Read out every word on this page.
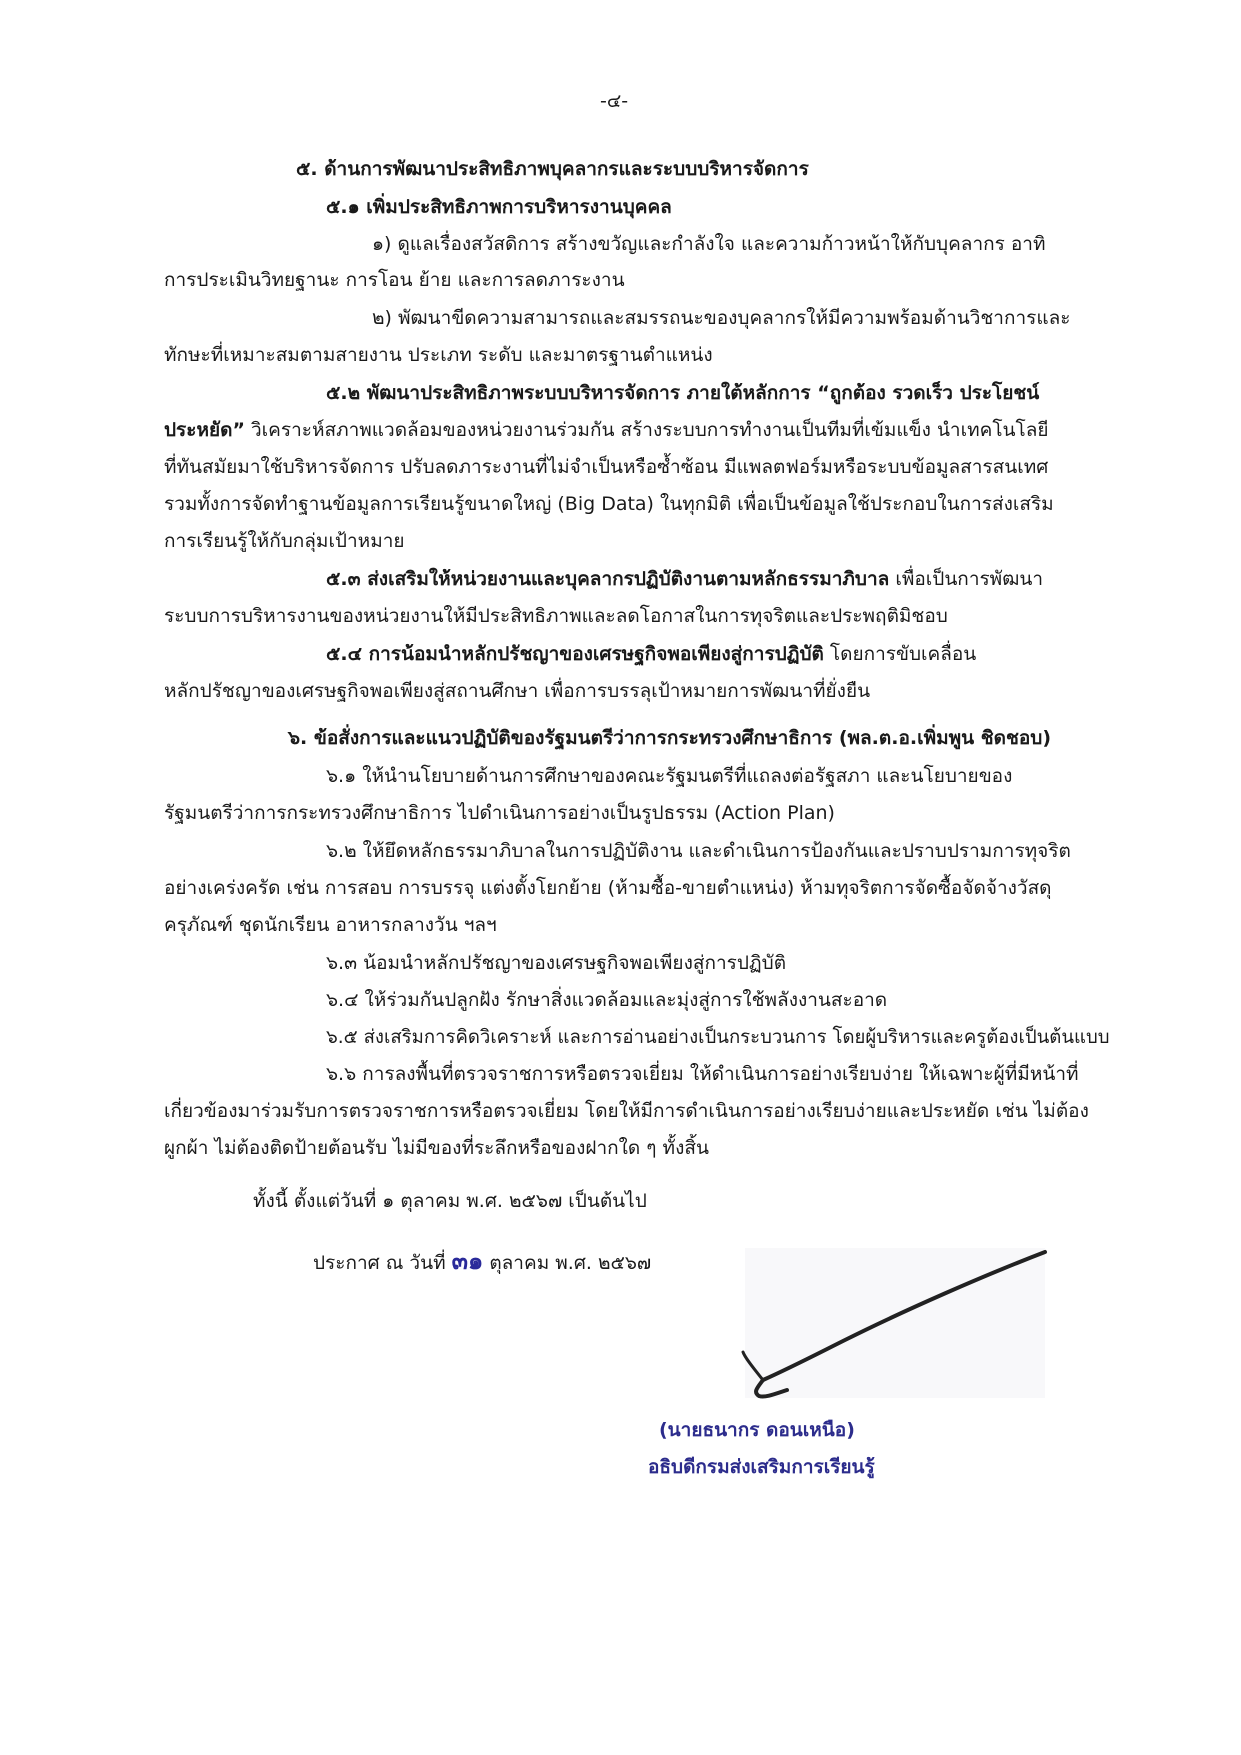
-๔-
๕. ด้านการพัฒนาประสิทธิภาพบุคลากรและระบบบริหารจัดการ
๕.๑ เพิ่มประสิทธิภาพการบริหารงานบุคคล
๑) ดูแลเรื่องสวัสดิการ สร้างขวัญและกำลังใจ และความก้าวหน้าให้กับบุคลากร อาทิ
การประเมินวิทยฐานะ การโอน ย้าย และการลดภาระงาน
๒) พัฒนาขีดความสามารถและสมรรถนะของบุคลากรให้มีความพร้อมด้านวิชาการและ
ทักษะที่เหมาะสมตามสายงาน ประเภท ระดับ และมาตรฐานตำแหน่ง
๕.๒ พัฒนาประสิทธิภาพระบบบริหารจัดการ ภายใต้หลักการ “ถูกต้อง รวดเร็ว ประโยชน์
ประหยัด” วิเคราะห์สภาพแวดล้อมของหน่วยงานร่วมกัน สร้างระบบการทำงานเป็นทีมที่เข้มแข็ง นำเทคโนโลยี
ที่ทันสมัยมาใช้บริหารจัดการ ปรับลดภาระงานที่ไม่จำเป็นหรือซ้ำซ้อน มีแพลตฟอร์มหรือระบบข้อมูลสารสนเทศ
รวมทั้งการจัดทำฐานข้อมูลการเรียนรู้ขนาดใหญ่ (Big Data) ในทุกมิติ เพื่อเป็นข้อมูลใช้ประกอบในการส่งเสริม
การเรียนรู้ให้กับกลุ่มเป้าหมาย
๕.๓ ส่งเสริมให้หน่วยงานและบุคลากรปฏิบัติงานตามหลักธรรมาภิบาล เพื่อเป็นการพัฒนา
ระบบการบริหารงานของหน่วยงานให้มีประสิทธิภาพและลดโอกาสในการทุจริตและประพฤติมิชอบ
๕.๔ การน้อมนำหลักปรัชญาของเศรษฐกิจพอเพียงสู่การปฏิบัติ โดยการขับเคลื่อน
หลักปรัชญาของเศรษฐกิจพอเพียงสู่สถานศึกษา เพื่อการบรรลุเป้าหมายการพัฒนาที่ยั่งยืน
๖. ข้อสั่งการและแนวปฏิบัติของรัฐมนตรีว่าการกระทรวงศึกษาธิการ (พล.ต.อ.เพิ่มพูน ชิดชอบ)
๖.๑ ให้นำนโยบายด้านการศึกษาของคณะรัฐมนตรีที่แถลงต่อรัฐสภา และนโยบายของ
รัฐมนตรีว่าการกระทรวงศึกษาธิการ ไปดำเนินการอย่างเป็นรูปธรรม (Action Plan)
๖.๒ ให้ยึดหลักธรรมาภิบาลในการปฏิบัติงาน และดำเนินการป้องกันและปราบปรามการทุจริต
อย่างเคร่งครัด เช่น การสอบ การบรรจุ แต่งตั้งโยกย้าย (ห้ามซื้อ-ขายตำแหน่ง) ห้ามทุจริตการจัดซื้อจัดจ้างวัสดุ
ครุภัณฑ์ ชุดนักเรียน อาหารกลางวัน ฯลฯ
๖.๓ น้อมนำหลักปรัชญาของเศรษฐกิจพอเพียงสู่การปฏิบัติ
๖.๔ ให้ร่วมกันปลูกฝัง รักษาสิ่งแวดล้อมและมุ่งสู่การใช้พลังงานสะอาด
๖.๕ ส่งเสริมการคิดวิเคราะห์ และการอ่านอย่างเป็นกระบวนการ โดยผู้บริหารและครูต้องเป็นต้นแบบ
๖.๖ การลงพื้นที่ตรวจราชการหรือตรวจเยี่ยม ให้ดำเนินการอย่างเรียบง่าย ให้เฉพาะผู้ที่มีหน้าที่
เกี่ยวข้องมาร่วมรับการตรวจราชการหรือตรวจเยี่ยม โดยให้มีการดำเนินการอย่างเรียบง่ายและประหยัด เช่น ไม่ต้อง
ผูกผ้า ไม่ต้องติดป้ายต้อนรับ ไม่มีของที่ระลึกหรือของฝากใด ๆ ทั้งสิ้น
ทั้งนี้ ตั้งแต่วันที่ ๑ ตุลาคม พ.ศ. ๒๕๖๗ เป็นต้นไป
ประกาศ ณ วันที่ ๓๑ ตุลาคม พ.ศ. ๒๕๖๗
(นายธนากร ดอนเหนือ)
อธิบดีกรมส่งเสริมการเรียนรู้
